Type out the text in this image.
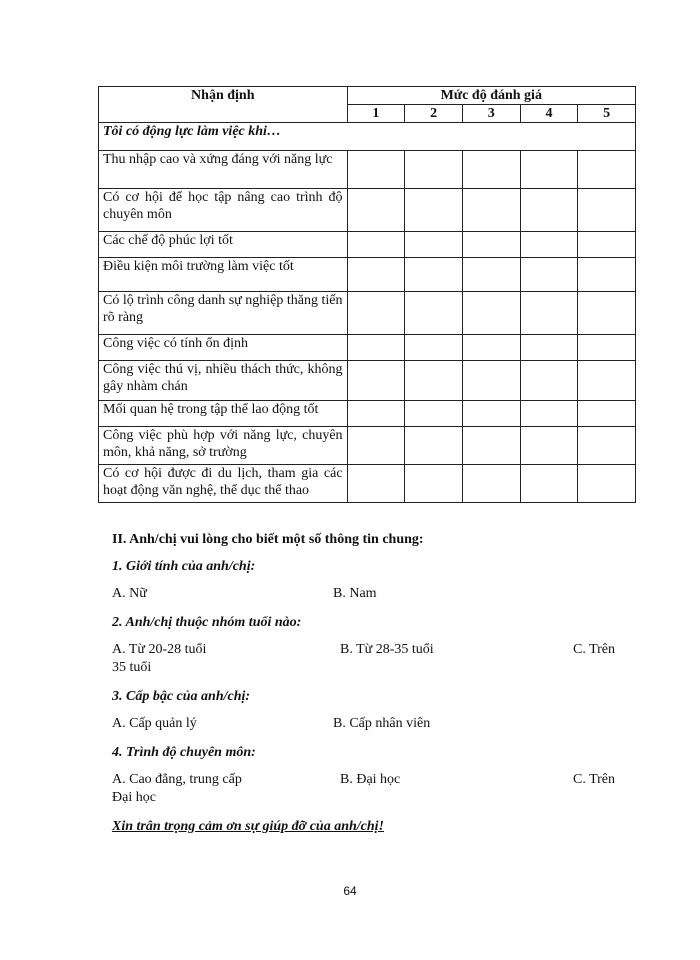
Nhận định	Mức độ đánh giá				
	1	2	3	4	5
Tôi có động lực làm việc khi…					
Thu nhập cao và xứng đáng với năng lực					
Có cơ hội để học tập nâng cao trình độ chuyên môn					
Các chế độ phúc lợi tốt					
Điều kiện môi trường làm việc tốt					
Có lộ trình công danh sự nghiệp thăng tiến rõ ràng					
Công việc có tính ổn định					
Công việc thú vị, nhiều thách thức, không gây nhàm chán					
Mối quan hệ trong tập thể lao động tốt					
Công việc phù hợp với năng lực, chuyên môn, khả năng, sở trường					
Có cơ hội được đi du lịch, tham gia các hoạt động văn nghệ, thể dục thể thao					
II. Anh/chị vui lòng cho biết một số thông tin chung:
1. Giới tính của anh/chị:
A. Nữ	B. Nam
2. Anh/chị thuộc nhóm tuổi nào:
A. Từ 20-28 tuổi	B. Từ 28-35 tuổi	C. Trên
35 tuổi
3. Cấp bậc của anh/chị:
A. Cấp quản lý	B. Cấp nhân viên
4. Trình độ chuyên môn:
A. Cao đẳng, trung cấp	B. Đại học	C. Trên
Đại học
Xin trân trọng cảm ơn sự giúp đỡ của anh/chị!
64
